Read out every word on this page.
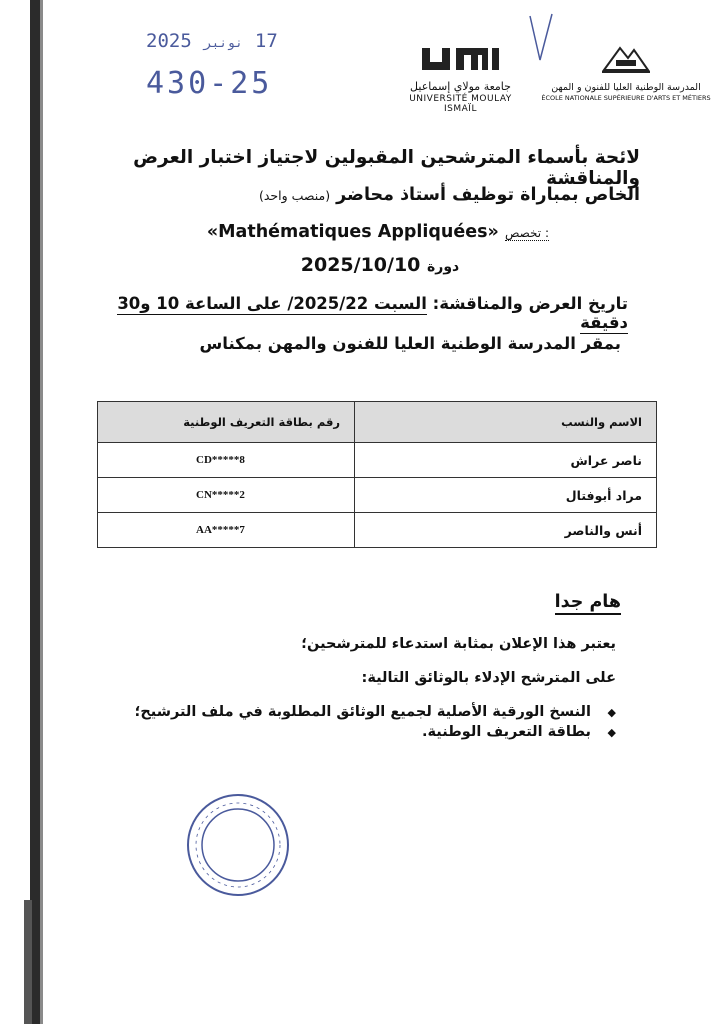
2025 نونبر 17
430-25	جامعة مولاي إسماعيل
UNIVERSITÉ MOULAY ISMAÏL
المدرسة الوطنية العليا للفنون و المهن
ÉCOLE NATIONALE SUPÉRIEURE D'ARTS ET MÉTIERS
لائحة بأسماء المترشحين المقبولين لاجتياز اختبار العرض والمناقشة
الخاص بمباراة توظيف أستاذ محاضر (منصب واحد)
«Mathématiques Appliquées» تخصص :
2025/10/10 دورة
تاريخ العرض والمناقشة: السبت 2025/22/ على الساعة 10 و30 دقيقة
بمقر المدرسة الوطنية العليا للفنون والمهن بمكناس
الاسم والنسب	رقم بطاقة التعريف الوطنية
ناصر عراش	CD*****8
مراد أبوفتال	CN*****2
أنس والناصر	AA*****7
هام جدا
يعتبر هذا الإعلان بمثابة استدعاء للمترشحين؛
على المترشح الإدلاء بالوثائق التالية:
◆ النسخ الورقية الأصلية لجميع الوثائق المطلوبة في ملف الترشيح؛
◆ بطاقة التعريف الوطنية.
